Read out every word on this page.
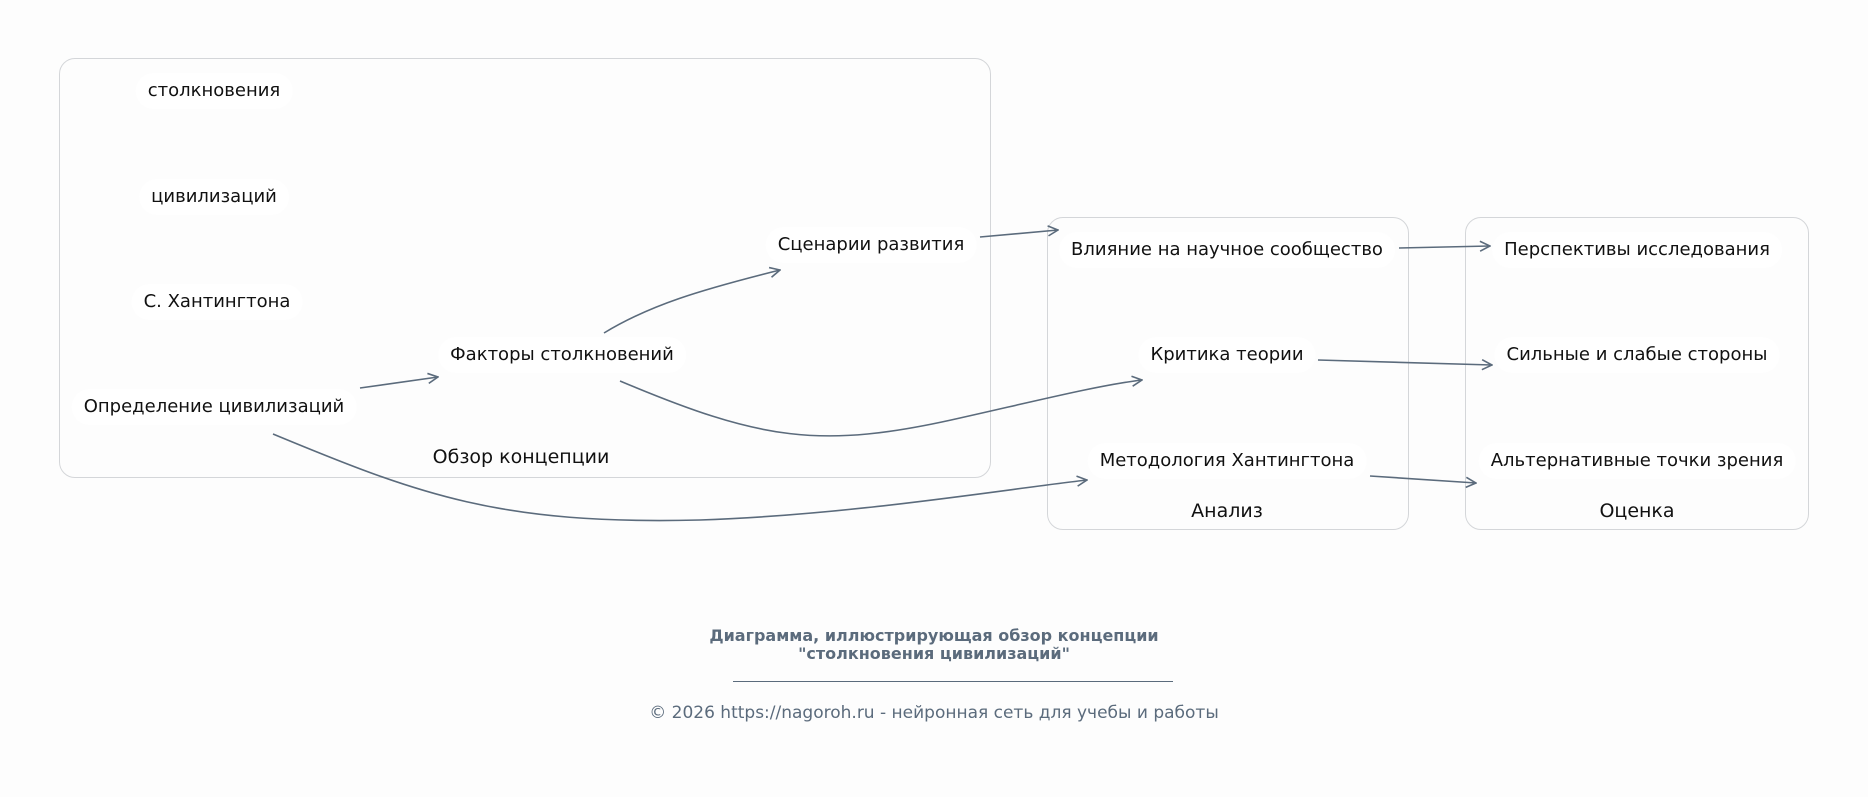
Обзор концепции
Анализ	Оценка
столкновения
цивилизаций
С. Хантингтона
Определение цивилизаций
Факторы столкновений
Сценарии развития	Влияние на научное сообщество
Критика теории
Методология Хантингтона
Перспективы исследования
Сильные и слабые стороны
Альтернативные точки зрения
Диаграмма, иллюстрирующая обзор концепции
"столкновения цивилизаций"
© 2026 https://nagoroh.ru - нейронная сеть для учебы и работы
